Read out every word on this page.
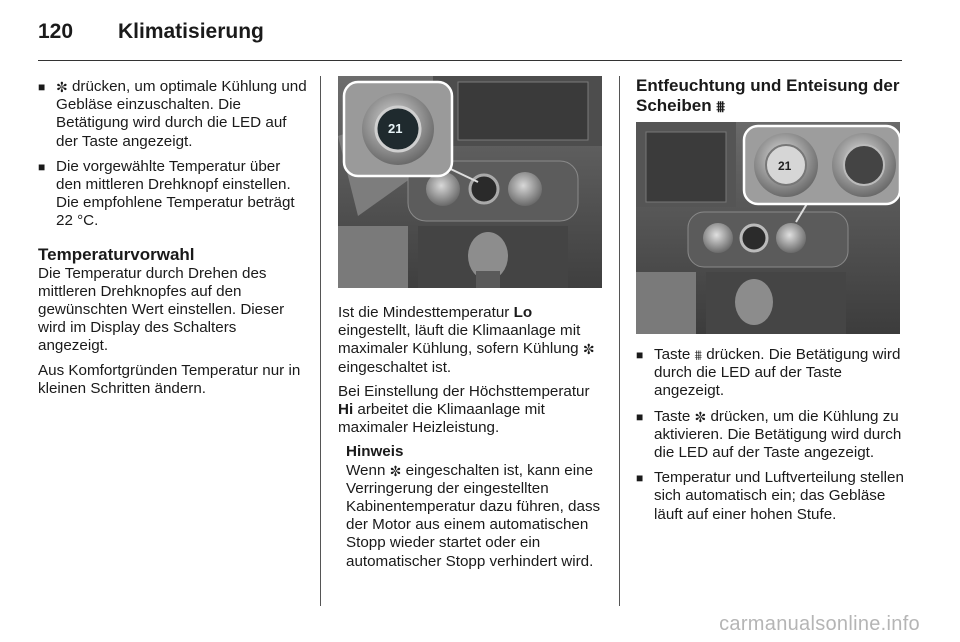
120 Klimatisierung
■ ✼ drücken, um optimale Kühlung und Gebläse einzuschalten. Die Betätigung wird durch die LED auf der Taste angezeigt.
■ Die vorgewählte Temperatur über den mittleren Drehknopf einstellen. Die empfohlene Temperatur beträgt 22 °C.
Temperaturvorwahl

Die Temperatur durch Drehen des mittleren Drehknopfes auf den gewünschten Wert einstellen. Dieser wird im Display des Schalters angezeigt.

Aus Komfortgründen Temperatur nur in kleinen Schritten ändern.

21

Ist die Mindesttemperatur Lo eingestellt, läuft die Klimaanlage mit maximaler Kühlung, sofern Kühlung ✼ eingeschaltet ist.

Bei Einstellung der Höchsttemperatur Hi arbeitet die Klimaanlage mit maximaler Heizleistung.

Hinweis
Wenn ✼ eingeschalten ist, kann eine Verringerung der eingestellten Kabinentemperatur dazu führen, dass der Motor aus einem automatischen Stopp wieder startet oder ein automatischer Stopp verhindert wird.
Entfeuchtung und Enteisung der Scheiben ⩩
21
■ Taste ⩩ drücken. Die Betätigung wird durch die LED auf der Taste angezeigt.
■ Taste ✼ drücken, um die Kühlung zu aktivieren. Die Betätigung wird durch die LED auf der Taste angezeigt.
■ Temperatur und Luftverteilung stellen sich automatisch ein; das Gebläse läuft auf einer hohen Stufe.
carmanualsonline.info
